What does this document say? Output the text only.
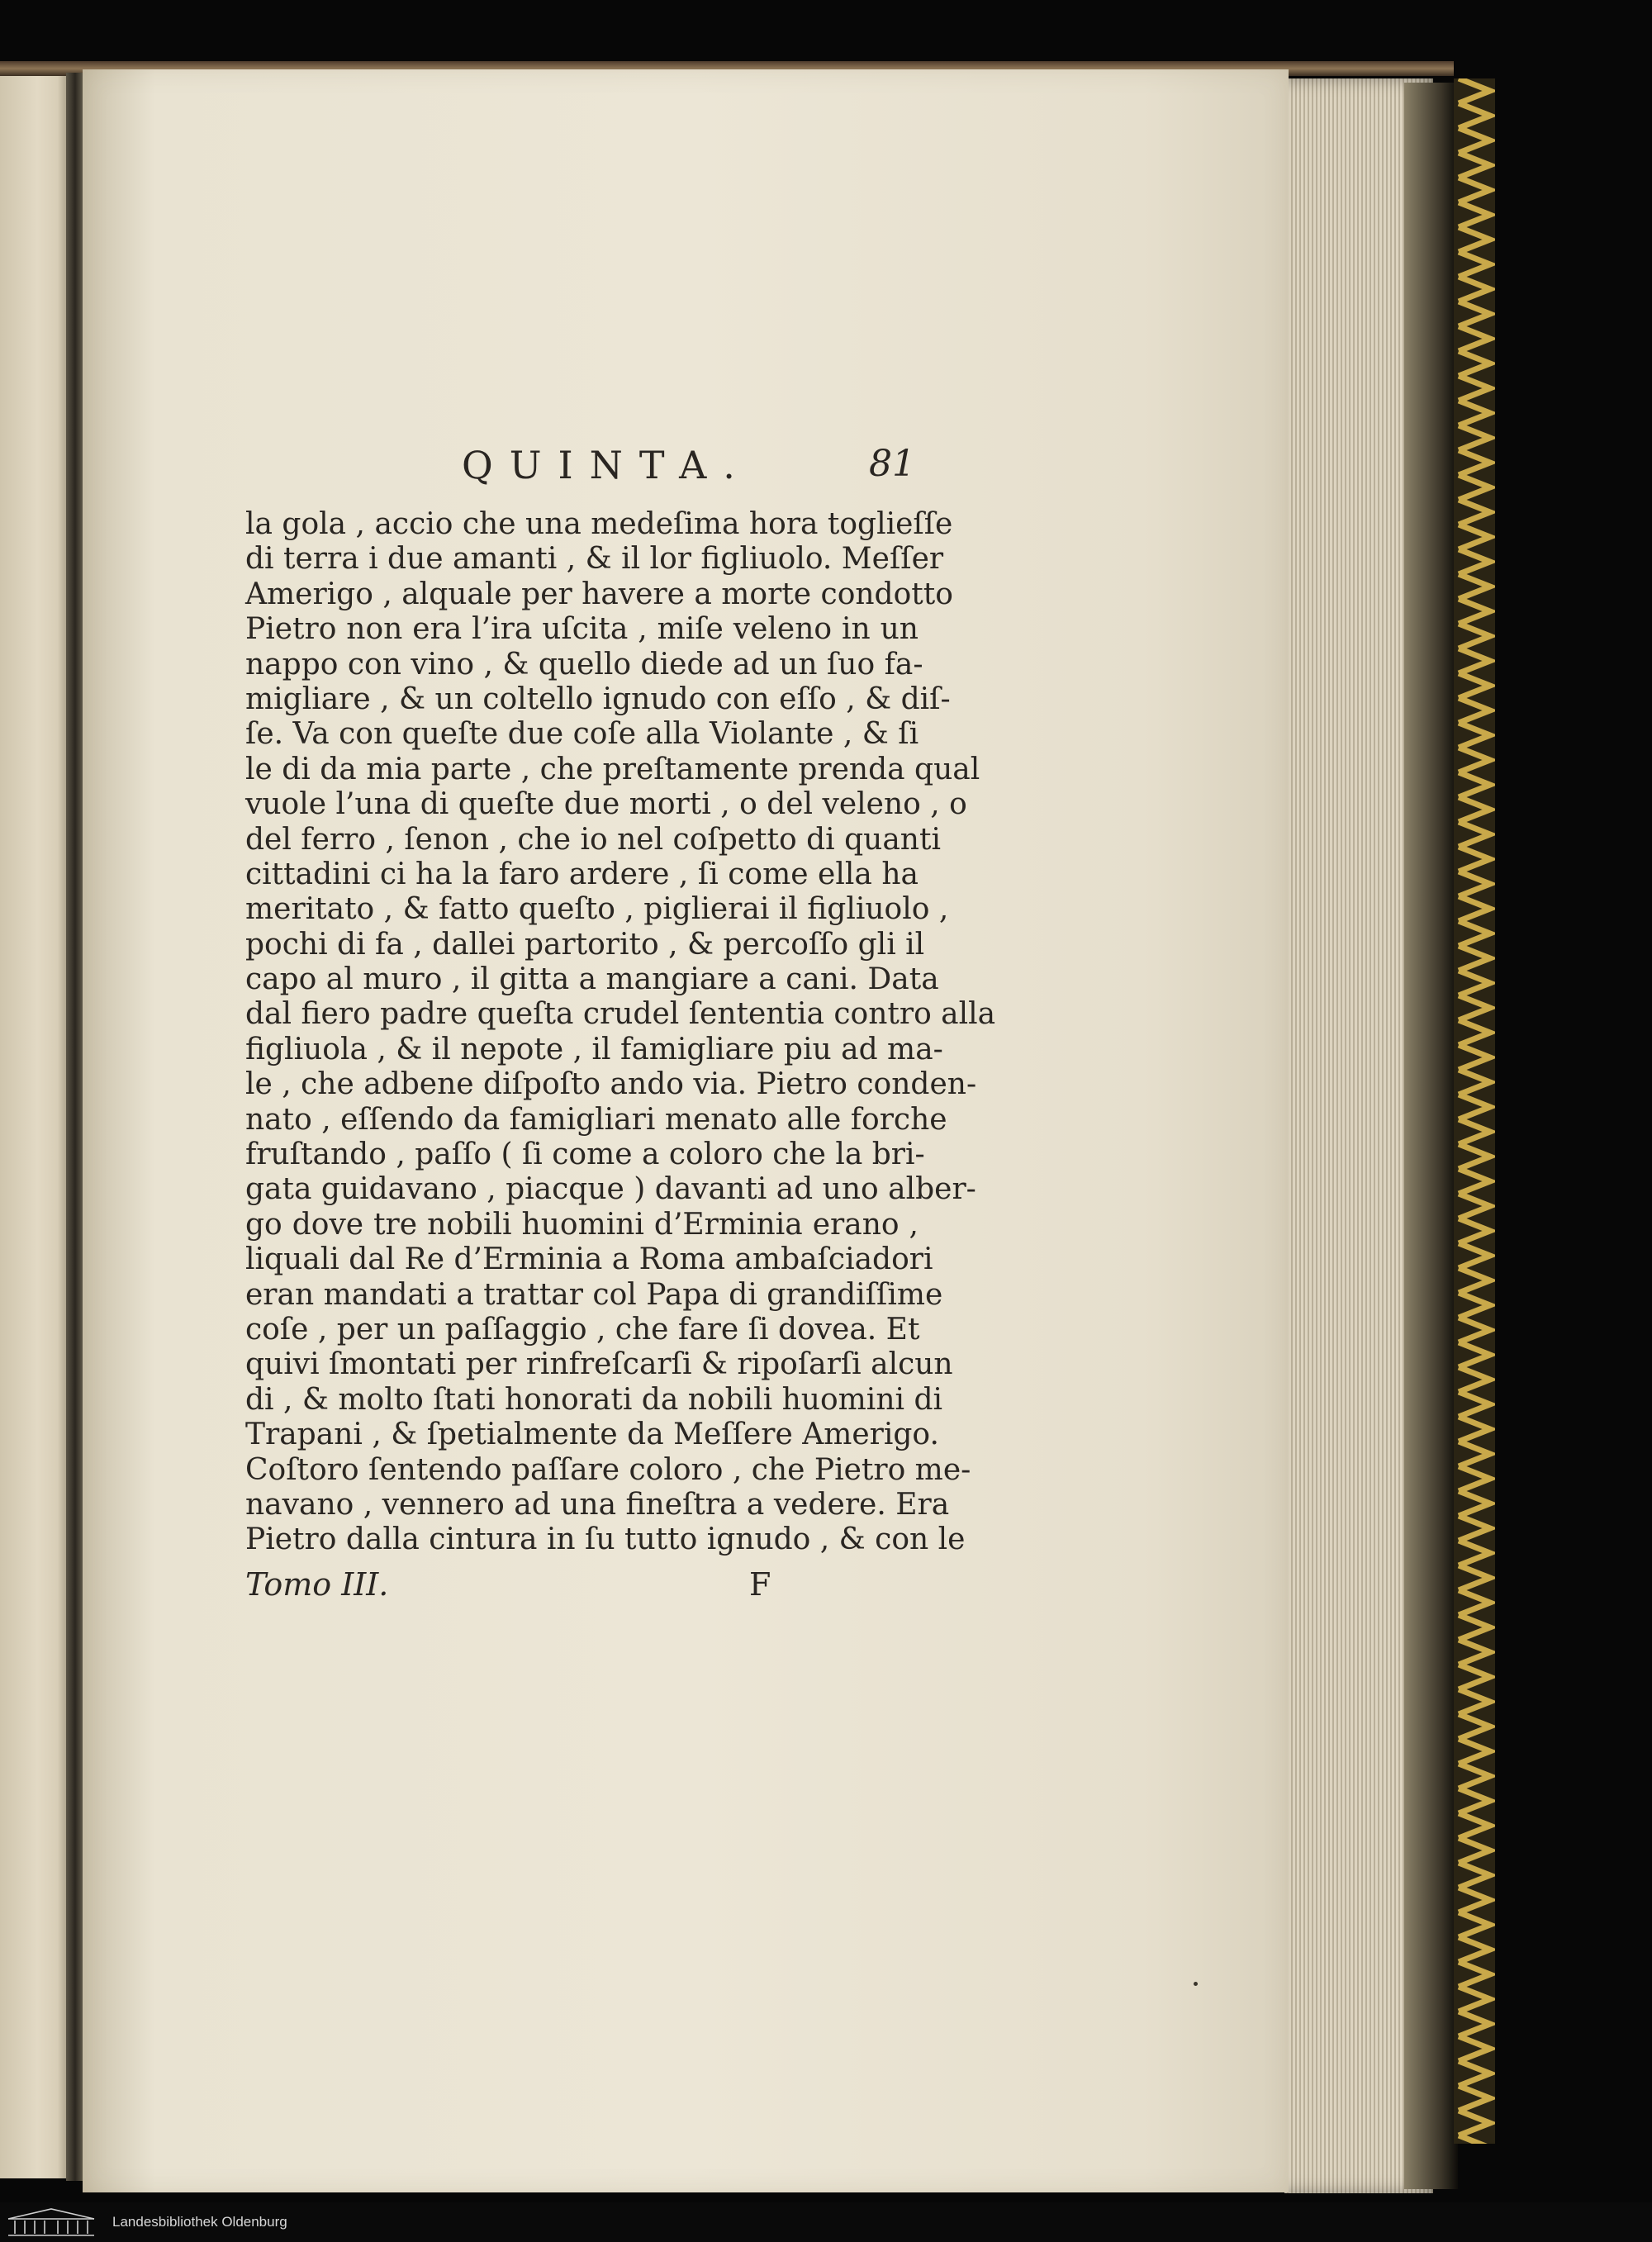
QUINTA.	81
la gola , accio che una medeſima hora toglieſſe
di terra i due amanti , & il lor figliuolo. Meſſer
Amerigo , alquale per havere a morte condotto
Pietro non era l’ira uſcita , miſe veleno in un
nappo con vino , & quello diede ad un ſuo fa-
migliare , & un coltello ignudo con eſſo , & diſ-
ſe. Va con queſte due coſe alla Violante , & ſi
le di da mia parte , che preſtamente prenda qual
vuole l’una di queſte due morti , o del veleno , o
del ferro , ſenon , che io nel coſpetto di quanti
cittadini ci ha la faro ardere , ſi come ella ha
meritato , & fatto queſto , piglierai il figliuolo ,
pochi di fa , dallei partorito , & percoſſo gli il
capo al muro , il gitta a mangiare a cani. Data
dal fiero padre queſta crudel ſententia contro alla
figliuola , & il nepote , il famigliare piu ad ma-
le , che adbene diſpoſto ando via. Pietro conden-
nato , eſſendo da famigliari menato alle forche
fruſtando , paſſo ( ſi come a coloro che la bri-
gata guidavano , piacque ) davanti ad uno alber-
go dove tre nobili huomini d’Erminia erano ,
liquali dal Re d’Erminia a Roma ambaſciadori
eran mandati a trattar col Papa di grandiſſime
coſe , per un paſſaggio , che fare ſi dovea. Et
quivi ſmontati per rinfreſcarſi & ripoſarſi alcun
di , & molto ſtati honorati da nobili huomini di
Trapani , & ſpetialmente da Meſſere Amerigo.
Coſtoro ſentendo paſſare coloro , che Pietro me-
navano , vennero ad una fineſtra a vedere. Era
Pietro dalla cintura in ſu tutto ignudo , & con le
Tomo III.	F
Landesbibliothek Oldenburg
